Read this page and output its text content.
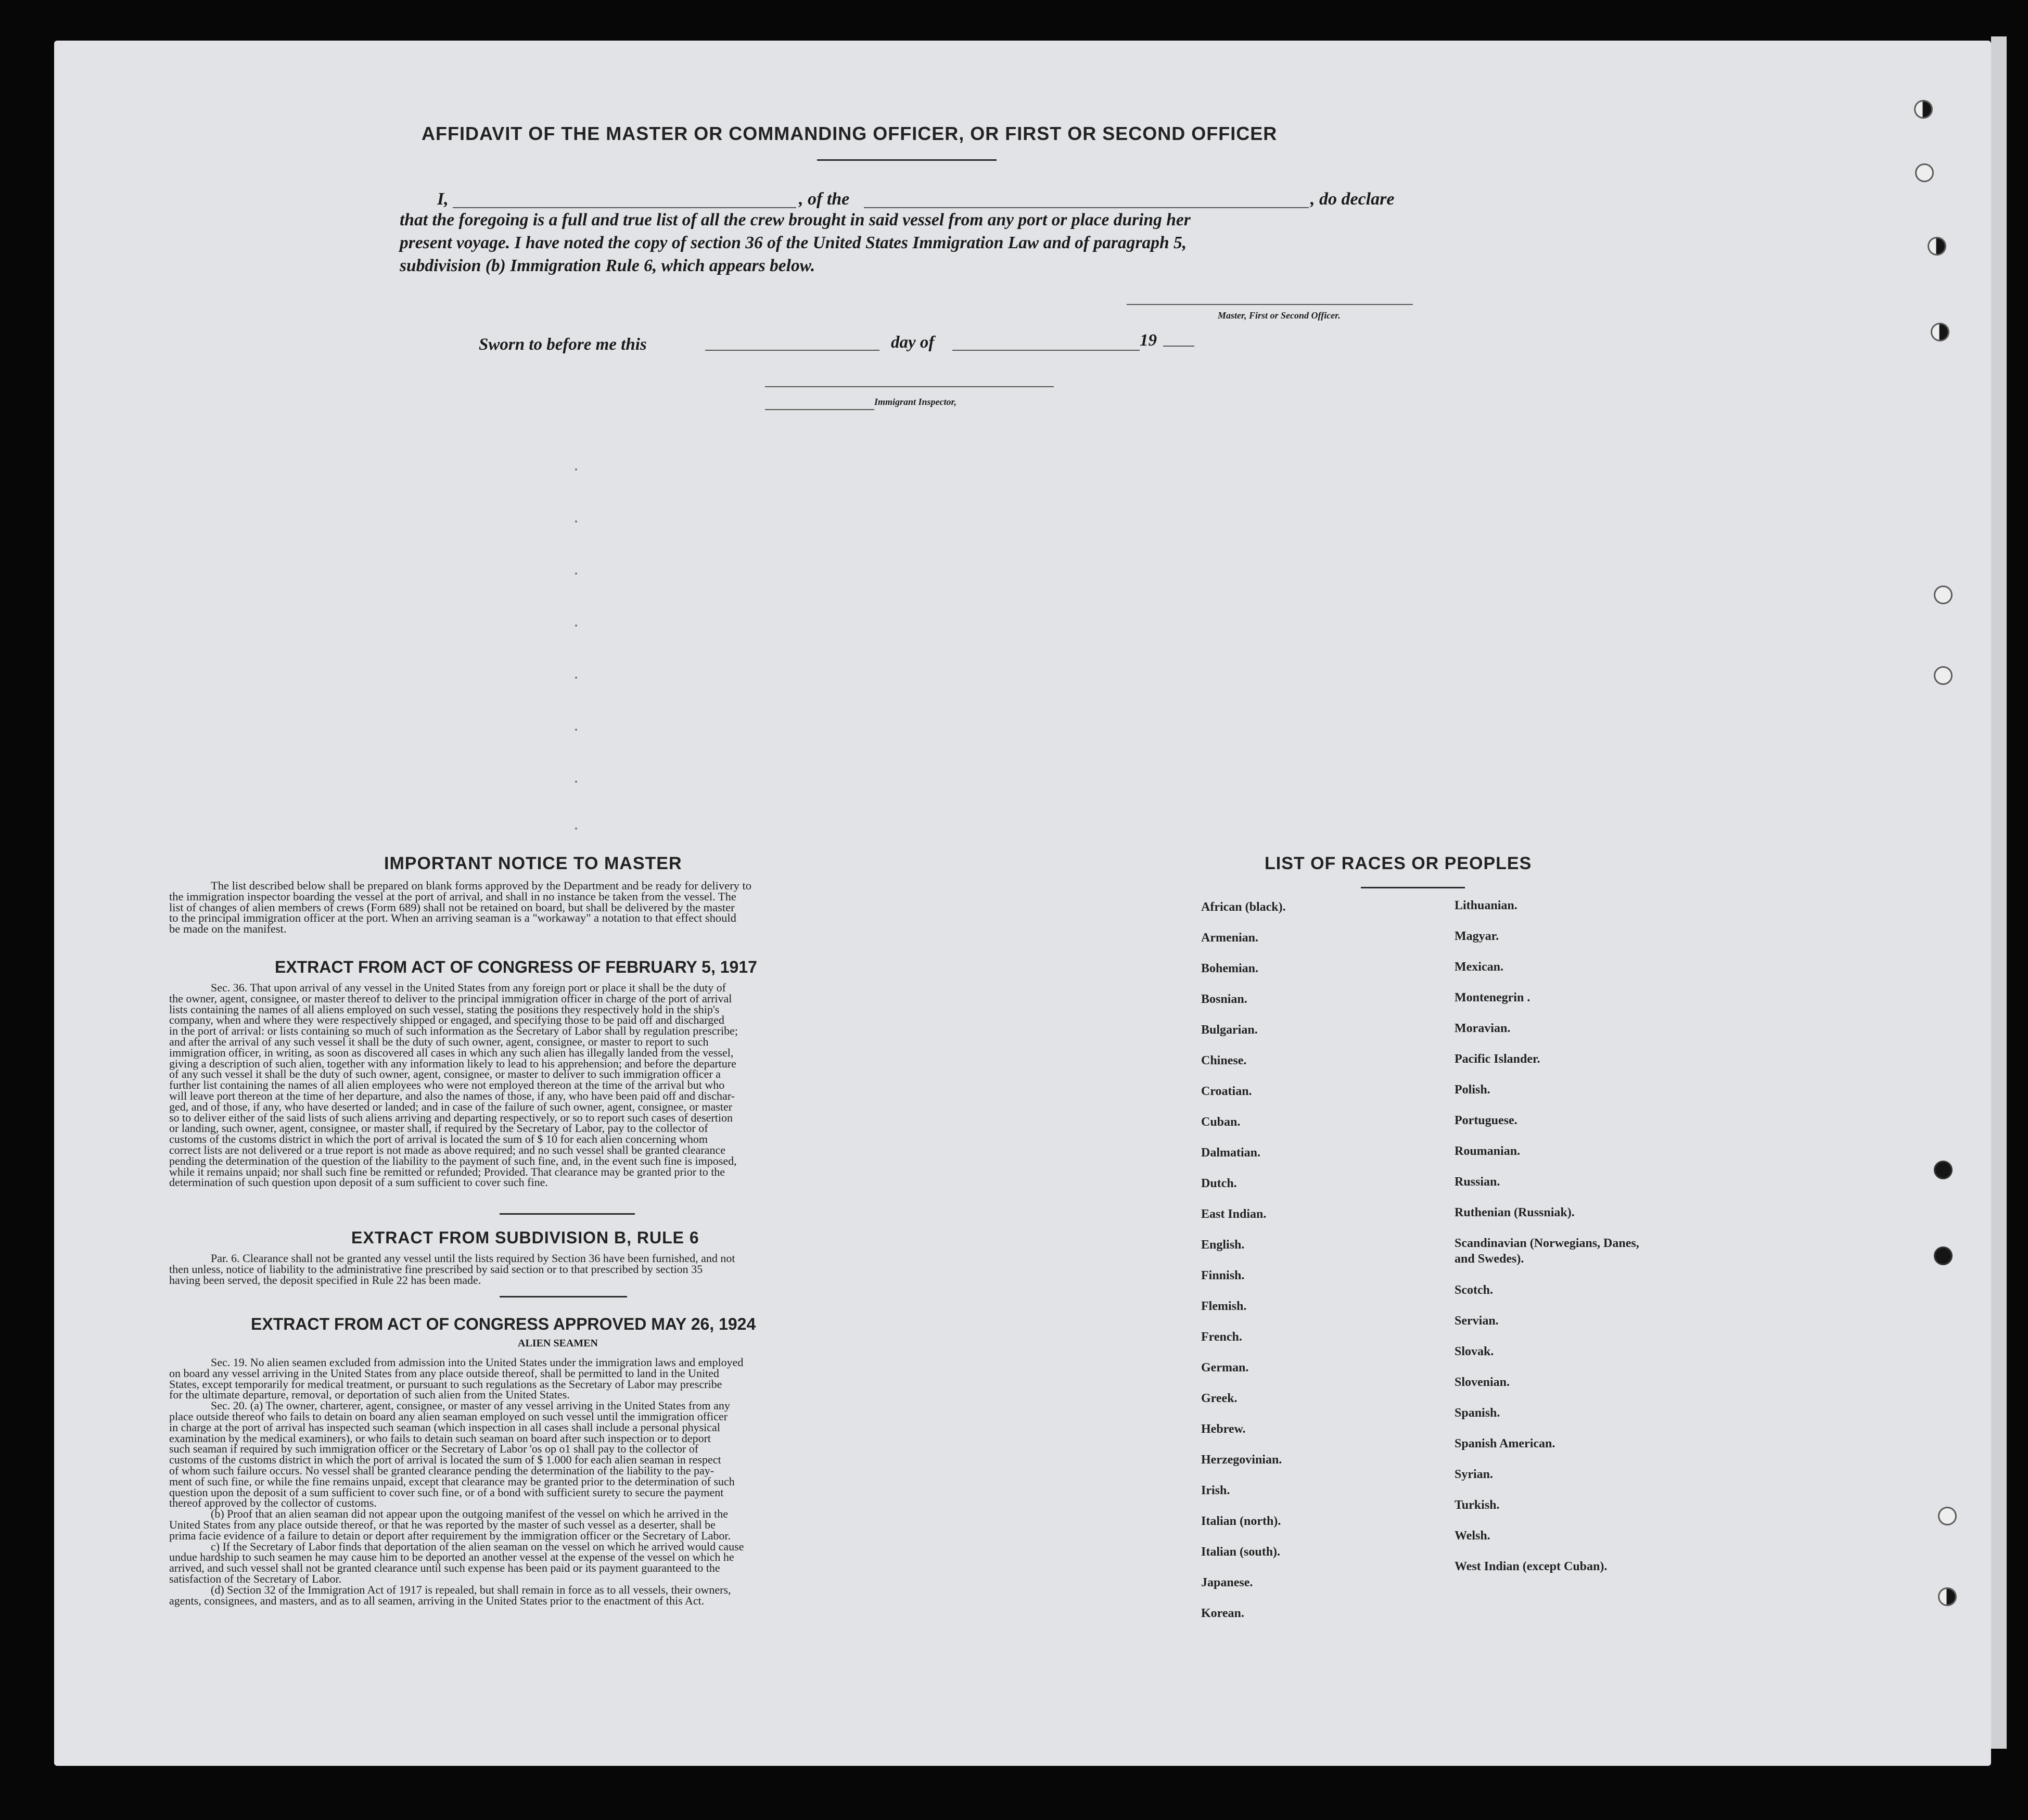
AFFIDAVIT OF THE MASTER OR COMMANDING OFFICER, OR FIRST OR SECOND OFFICER
I,	, of the	, do declare
that the foregoing is a full and true list of all the crew brought in said vessel from any port or place during her
present voyage. I have noted the copy of section 36 of the United States Immigration Law and of paragraph 5,
subdivision (b) Immigration Rule 6, which appears below.
Master, First or Second Officer.
Sworn to before me this	day of	19
Immigrant Inspector,
IMPORTANT NOTICE TO MASTER
The list described below shall be prepared on blank forms approved by the Department and be ready for delivery to
the immigration inspector boarding the vessel at the port of arrival, and shall in no instance be taken from the vessel. The
list of changes of alien members of crews (Form 689) shall not be retained on board, but shall be delivered by the master
to the principal immigration officer at the port. When an arriving seaman is a "workaway" a notation to that effect should
be made on the manifest.
EXTRACT FROM ACT OF CONGRESS OF FEBRUARY 5, 1917
Sec. 36. That upon arrival of any vessel in the United States from any foreign port or place it shall be the duty of
the owner, agent, consignee, or master thereof to deliver to the principal immigration officer in charge of the port of arrival
lists containing the names of all aliens employed on such vessel, stating the positions they respectively hold in the ship's
company, when and where they were respectively shipped or engaged, and specifying those to be paid off and discharged
in the port of arrival: or lists containing so much of such information as the Secretary of Labor shall by regulation prescribe;
and after the arrival of any such vessel it shall be the duty of such owner, agent, consignee, or master to report to such
immigration officer, in writing, as soon as discovered all cases in which any such alien has illegally landed from the vessel,
giving a description of such alien, together with any information likely to lead to his apprehension; and before the departure
of any such vessel it shall be the duty of such owner, agent, consignee, or master to deliver to such immigration officer a
further list containing the names of all alien employees who were not employed thereon at the time of the arrival but who
will leave port thereon at the time of her departure, and also the names of those, if any, who have been paid off and dischar-
ged, and of those, if any, who have deserted or landed; and in case of the failure of such owner, agent, consignee, or master
so to deliver either of the said lists of such aliens arriving and departing respectively, or so to report such cases of desertion
or landing, such owner, agent, consignee, or master shall, if required by the Secretary of Labor, pay to the collector of
customs of the customs district in which the port of arrival is located the sum of $ 10 for each alien concerning whom
correct lists are not delivered or a true report is not made as above required; and no such vessel shall be granted clearance
pending the determination of the question of the liability to the payment of such fine, and, in the event such fine is imposed,
while it remains unpaid; nor shall such fine be remitted or refunded; Provided. That clearance may be granted prior to the
determination of such question upon deposit of a sum sufficient to cover such fine.
EXTRACT FROM SUBDIVISION B, RULE 6
Par. 6. Clearance shall not be granted any vessel until the lists required by Section 36 have been furnished, and not
then unless, notice of liability to the administrative fine prescribed by said section or to that prescribed by section 35
having been served, the deposit specified in Rule 22 has been made.
EXTRACT FROM ACT OF CONGRESS APPROVED MAY 26, 1924
ALIEN SEAMEN
Sec. 19. No alien seamen excluded from admission into the United States under the immigration laws and employed
on board any vessel arriving in the United States from any place outside thereof, shall be permitted to land in the United
States, except temporarily for medical treatment, or pursuant to such regulations as the Secretary of Labor may prescribe
for the ultimate departure, removal, or deportation of such alien from the United States.
Sec. 20. (a) The owner, charterer, agent, consignee, or master of any vessel arriving in the United States from any
place outside thereof who fails to detain on board any alien seaman employed on such vessel until the immigration officer
in charge at the port of arrival has inspected such seaman (which inspection in all cases shall include a personal physical
examination by the medical examiners), or who fails to detain such seaman on board after such inspection or to deport
such seaman if required by such immigration officer or the Secretary of Labor 'os op o1 shall pay to the collector of
customs of the customs district in which the port of arrival is located the sum of $ 1.000 for each alien seaman in respect
of whom such failure occurs. No vessel shall be granted clearance pending the determination of the liability to the pay-
ment of such fine, or while the fine remains unpaid, except that clearance may be granted prior to the determination of such
question upon the deposit of a sum sufficient to cover such fine, or of a bond with sufficient surety to secure the payment
thereof approved by the collector of customs.
(b) Proof that an alien seaman did not appear upon the outgoing manifest of the vessel on which he arrived in the
United States from any place outside thereof, or that he was reported by the master of such vessel as a deserter, shall be
prima facie evidence of a failure to detain or deport after requirement by the immigration officer or the Secretary of Labor.
c) If the Secretary of Labor finds that deportation of the alien seaman on the vessel on which he arrived would cause
undue hardship to such seamen he may cause him to be deported an another vessel at the expense of the vessel on which he
arrived, and such vessel shall not be granted clearance until such expense has been paid or its payment guaranteed to the
satisfaction of the Secretary of Labor.
(d) Section 32 of the Immigration Act of 1917 is repealed, but shall remain in force as to all vessels, their owners,
agents, consignees, and masters, and as to all seamen, arriving in the United States prior to the enactment of this Act.
LIST OF RACES OR PEOPLES
African (black).
Armenian.
Bohemian.
Bosnian.
Bulgarian.
Chinese.
Croatian.
Cuban.
Dalmatian.
Dutch.
East Indian.
English.
Finnish.
Flemish.
French.
German.
Greek.
Hebrew.
Herzegovinian.
Irish.
Italian (north).
Italian (south).
Japanese.
Korean.
Lithuanian.
Magyar.
Mexican.
Montenegrin .
Moravian.
Pacific Islander.
Polish.
Portuguese.
Roumanian.
Russian.
Ruthenian (Russniak).
Scandinavian (Norwegians, Danes, and Swedes).
Scotch.
Servian.
Slovak.
Slovenian.
Spanish.
Spanish American.
Syrian.
Turkish.
Welsh.
West Indian (except Cuban).
